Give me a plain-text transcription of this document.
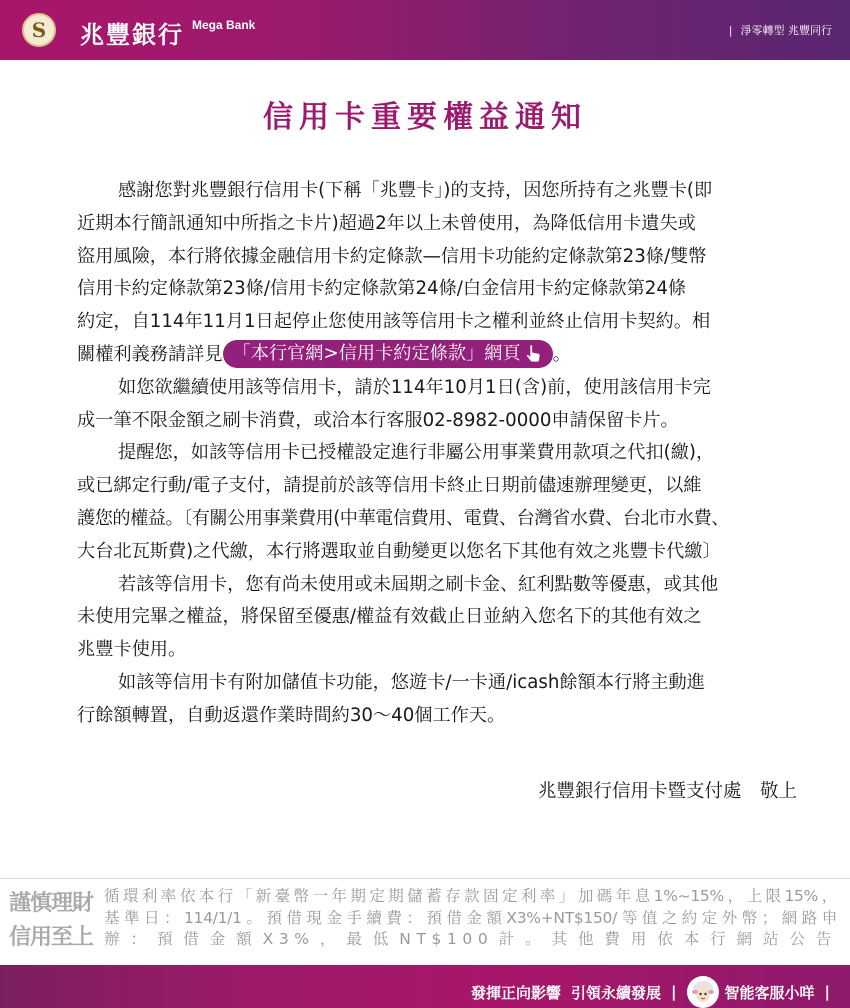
S 兆豐銀行 Mega Bank	| 淨零轉型 兆豐同行
信用卡重要權益通知
感謝您對兆豐銀行信用卡(下稱「兆豐卡」)的支持，因您所持有之兆豐卡(即
近期本行簡訊通知中所指之卡片)超過2年以上未曾使用，為降低信用卡遺失或
盜用風險，本行將依據金融信用卡約定條款—信用卡功能約定條款第23條/雙幣
信用卡約定條款第23條/信用卡約定條款第24條/白金信用卡約定條款第24條
約定，自114年11月1日起停止您使用該等信用卡之權利並終止信用卡契約。相
關權利義務請詳見 「本行官網>信用卡約定條款」網頁 。
如您欲繼續使用該等信用卡，請於114年10月1日(含)前，使用該信用卡完
成一筆不限金額之刷卡消費，或洽本行客服02-8982-0000申請保留卡片。
提醒您，如該等信用卡已授權設定進行非屬公用事業費用款項之代扣(繳)，
或已綁定行動/電子支付，請提前於該等信用卡終止日期前儘速辦理變更，以維
護您的權益。〔有關公用事業費用(中華電信費用、電費、台灣省水費、台北市水費、
大台北瓦斯費)之代繳，本行將選取並自動變更以您名下其他有效之兆豐卡代繳〕
若該等信用卡，您有尚未使用或未屆期之刷卡金、紅利點數等優惠，或其他
未使用完畢之權益，將保留至優惠/權益有效截止日並納入您名下的其他有效之
兆豐卡使用。
如該等信用卡有附加儲值卡功能，悠遊卡/一卡通/icash餘額本行將主動進
行餘額轉置，自動返還作業時間約30～40個工作天。
兆豐銀行信用卡暨支付處　敬上
謹慎理財
信用至上
循環利率依本行「新臺幣一年期定期儲蓄存款固定利率」加碼年息1%~15%，上限15%，
基準日：114/1/1。預借現金手續費：預借金額X3%+NT$150/等值之約定外幣；網路申
辦：預借金額X3%，最低NT$100計。其他費用依本行網站公告
發揮正向影響 引領永續發展 |	智能客服小咩 |
